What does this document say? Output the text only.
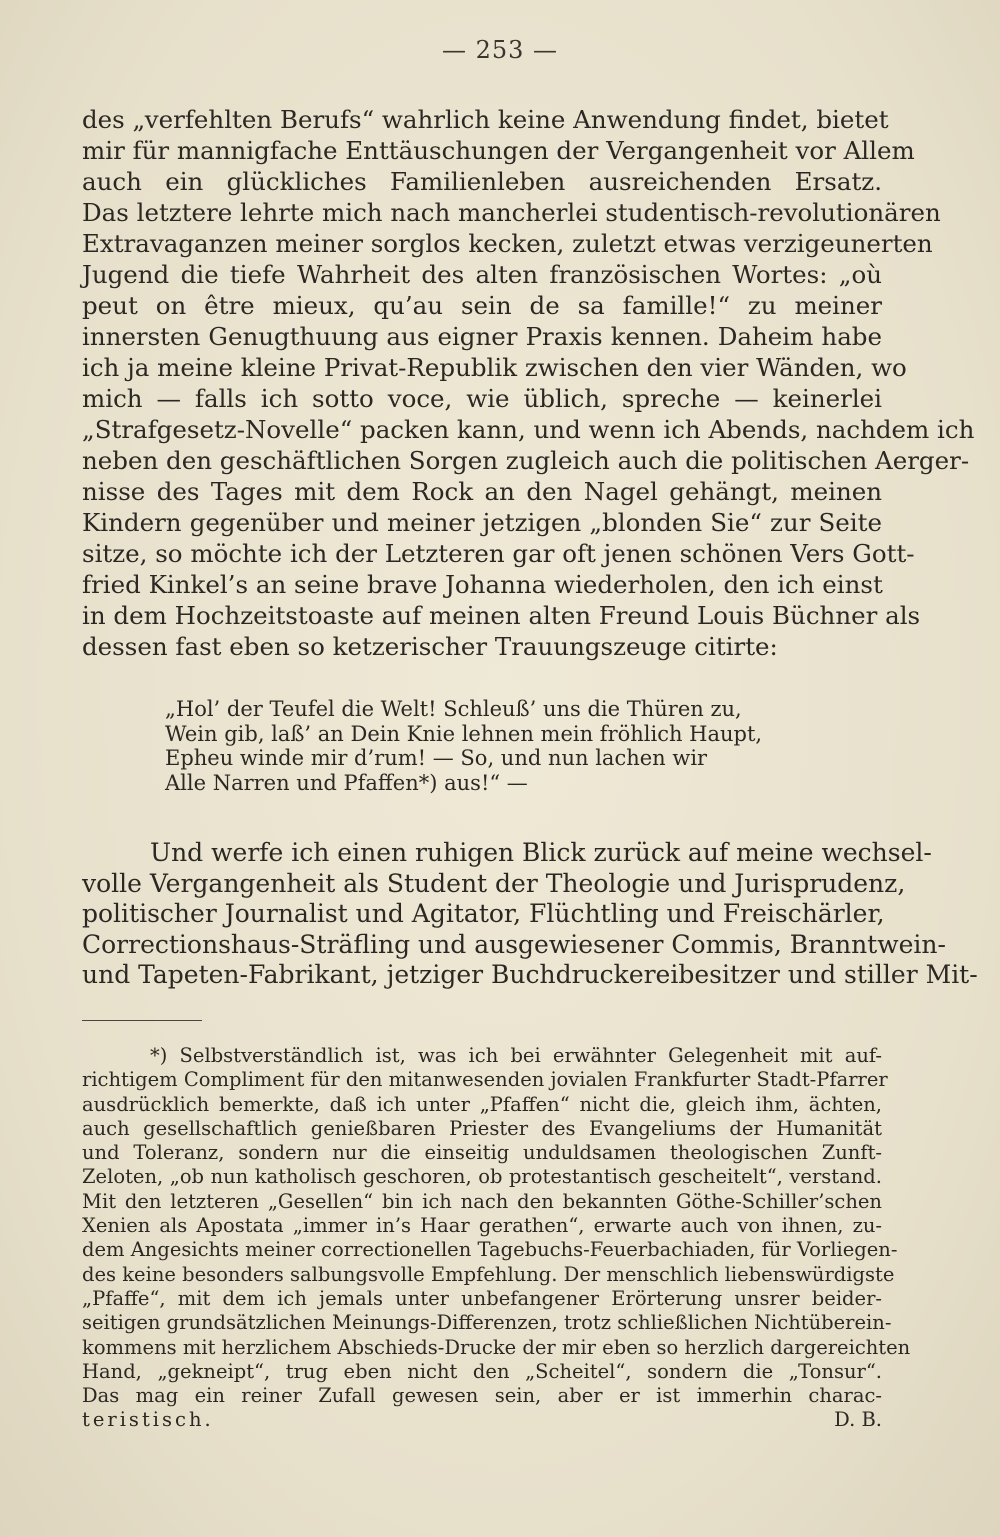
— 253 —
des „verfehlten Berufs“ wahrlich keine Anwendung findet, bietet
mir für mannigfache Enttäuschungen der Vergangenheit vor Allem
auch ein glückliches Familienleben ausreichenden Ersatz.
Das letztere lehrte mich nach mancherlei studentisch-revolutionären
Extravaganzen meiner sorglos kecken, zuletzt etwas verzigeunerten
Jugend die tiefe Wahrheit des alten französischen Wortes: „où
peut on être mieux, qu’au sein de sa famille!“ zu meiner
innersten Genugthuung aus eigner Praxis kennen. Daheim habe
ich ja meine kleine Privat-Republik zwischen den vier Wänden, wo
mich — falls ich sotto voce, wie üblich, spreche — keinerlei
„Strafgesetz-Novelle“ packen kann, und wenn ich Abends, nachdem ich
neben den geschäftlichen Sorgen zugleich auch die politischen Aerger-
nisse des Tages mit dem Rock an den Nagel gehängt, meinen
Kindern gegenüber und meiner jetzigen „blonden Sie“ zur Seite
sitze, so möchte ich der Letzteren gar oft jenen schönen Vers Gott-
fried Kinkel’s an seine brave Johanna wiederholen, den ich einst
in dem Hochzeitstoaste auf meinen alten Freund Louis Büchner als
dessen fast eben so ketzerischer Trauungszeuge citirte:
„Hol’ der Teufel die Welt! Schleuß’ uns die Thüren zu,
Wein gib, laß’ an Dein Knie lehnen mein fröhlich Haupt,
Epheu winde mir d’rum! — So, und nun lachen wir
Alle Narren und Pfaffen*) aus!“ —
Und werfe ich einen ruhigen Blick zurück auf meine wechsel-
volle Vergangenheit als Student der Theologie und Jurisprudenz,
politischer Journalist und Agitator, Flüchtling und Freischärler,
Correctionshaus-Sträfling und ausgewiesener Commis, Branntwein-
und Tapeten-Fabrikant, jetziger Buchdruckereibesitzer und stiller Mit-
*) Selbstverständlich ist, was ich bei erwähnter Gelegenheit mit auf-
richtigem Compliment für den mitanwesenden jovialen Frankfurter Stadt-Pfarrer
ausdrücklich bemerkte, daß ich unter „Pfaffen“ nicht die, gleich ihm, ächten,
auch gesellschaftlich genießbaren Priester des Evangeliums der Humanität
und Toleranz, sondern nur die einseitig unduldsamen theologischen Zunft-
Zeloten, „ob nun katholisch geschoren, ob protestantisch gescheitelt“, verstand.
Mit den letzteren „Gesellen“ bin ich nach den bekannten Göthe-Schiller’schen
Xenien als Apostata „immer in’s Haar gerathen“, erwarte auch von ihnen, zu-
dem Angesichts meiner correctionellen Tagebuchs-Feuerbachiaden, für Vorliegen-
des keine besonders salbungsvolle Empfehlung. Der menschlich liebenswürdigste
„Pfaffe“, mit dem ich jemals unter unbefangener Erörterung unsrer beider-
seitigen grundsätzlichen Meinungs-Differenzen, trotz schließlichen Nichtüberein-
kommens mit herzlichem Abschieds-Drucke der mir eben so herzlich dargereichten
Hand, „gekneipt“, trug eben nicht den „Scheitel“, sondern die „Tonsur“.
Das mag ein reiner Zufall gewesen sein, aber er ist immerhin charac-
teristisch.	D. B.
